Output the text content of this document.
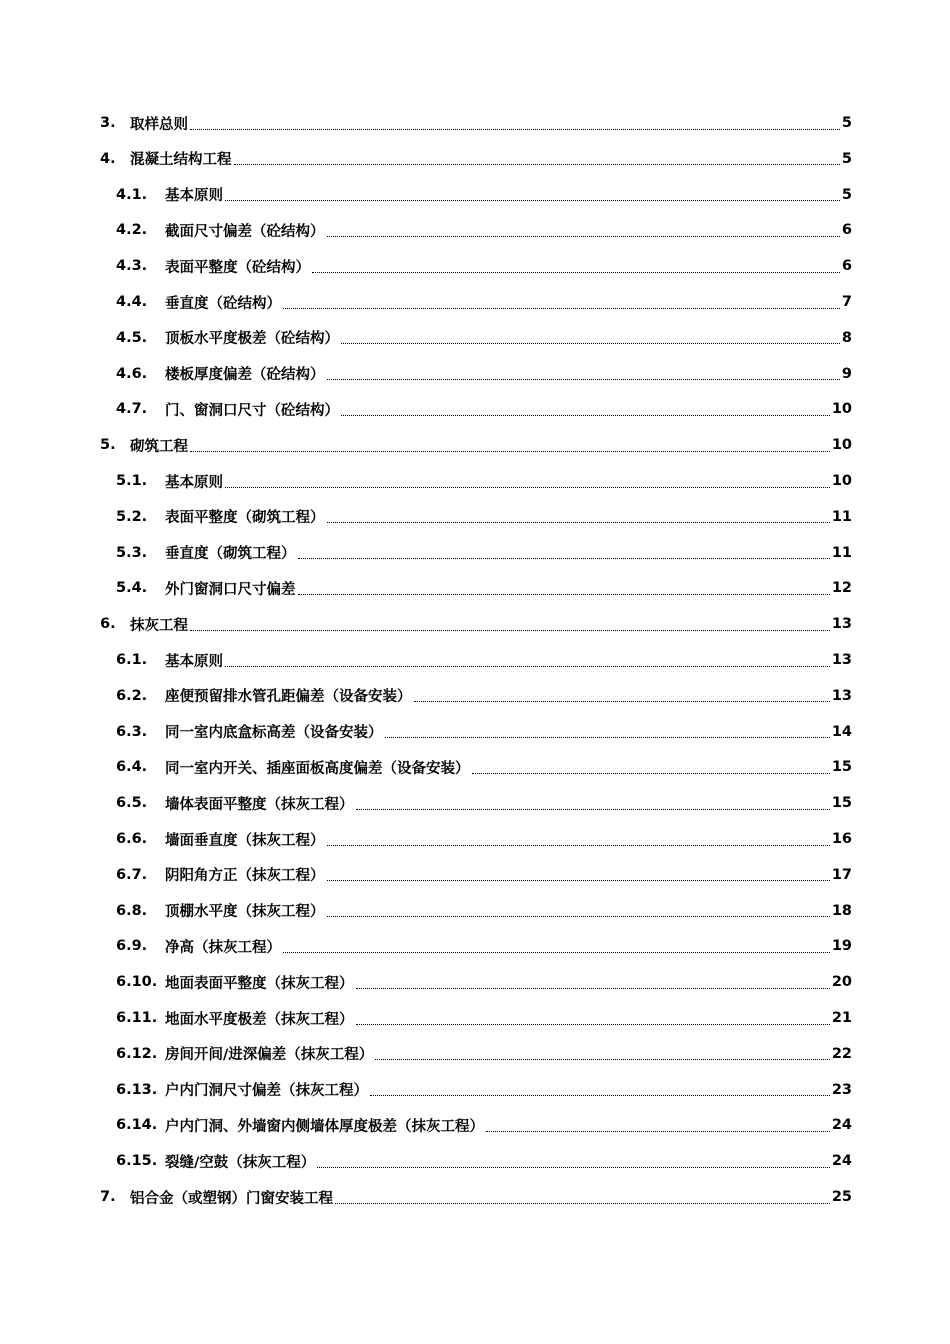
3. 取样总则	5
4. 混凝土结构工程	5
4.1.	基本原则	5
4.2.	截面尺寸偏差（砼结构）	6
4.3.	表面平整度（砼结构）	6
4.4.	垂直度（砼结构）	7
4.5.	顶板水平度极差（砼结构）	8
4.6.	楼板厚度偏差（砼结构）	9
4.7.	门、窗洞口尺寸（砼结构）	10
5. 砌筑工程	10
5.1.	基本原则	10
5.2.	表面平整度（砌筑工程）	11
5.3.	垂直度（砌筑工程）	11
5.4.	外门窗洞口尺寸偏差	12
6. 抹灰工程	13
6.1.	基本原则	13
6.2.	座便预留排水管孔距偏差（设备安装）	13
6.3.	同一室内底盒标高差（设备安装）	14
6.4.	同一室内开关、插座面板高度偏差（设备安装）	15
6.5.	墙体表面平整度（抹灰工程）	15
6.6.	墙面垂直度（抹灰工程）	16
6.7.	阴阳角方正（抹灰工程）	17
6.8.	顶棚水平度（抹灰工程）	18
6.9.	净高（抹灰工程）	19
6.10. 地面表面平整度（抹灰工程）	20
6.11. 地面水平度极差（抹灰工程）	21
6.12. 房间开间/进深偏差（抹灰工程）	22
6.13. 户内门洞尺寸偏差（抹灰工程）	23
6.14. 户内门洞、外墙窗内侧墙体厚度极差（抹灰工程）	24
6.15. 裂缝/空鼓（抹灰工程）	24
7. 铝合金（或塑钢）门窗安装工程	25
